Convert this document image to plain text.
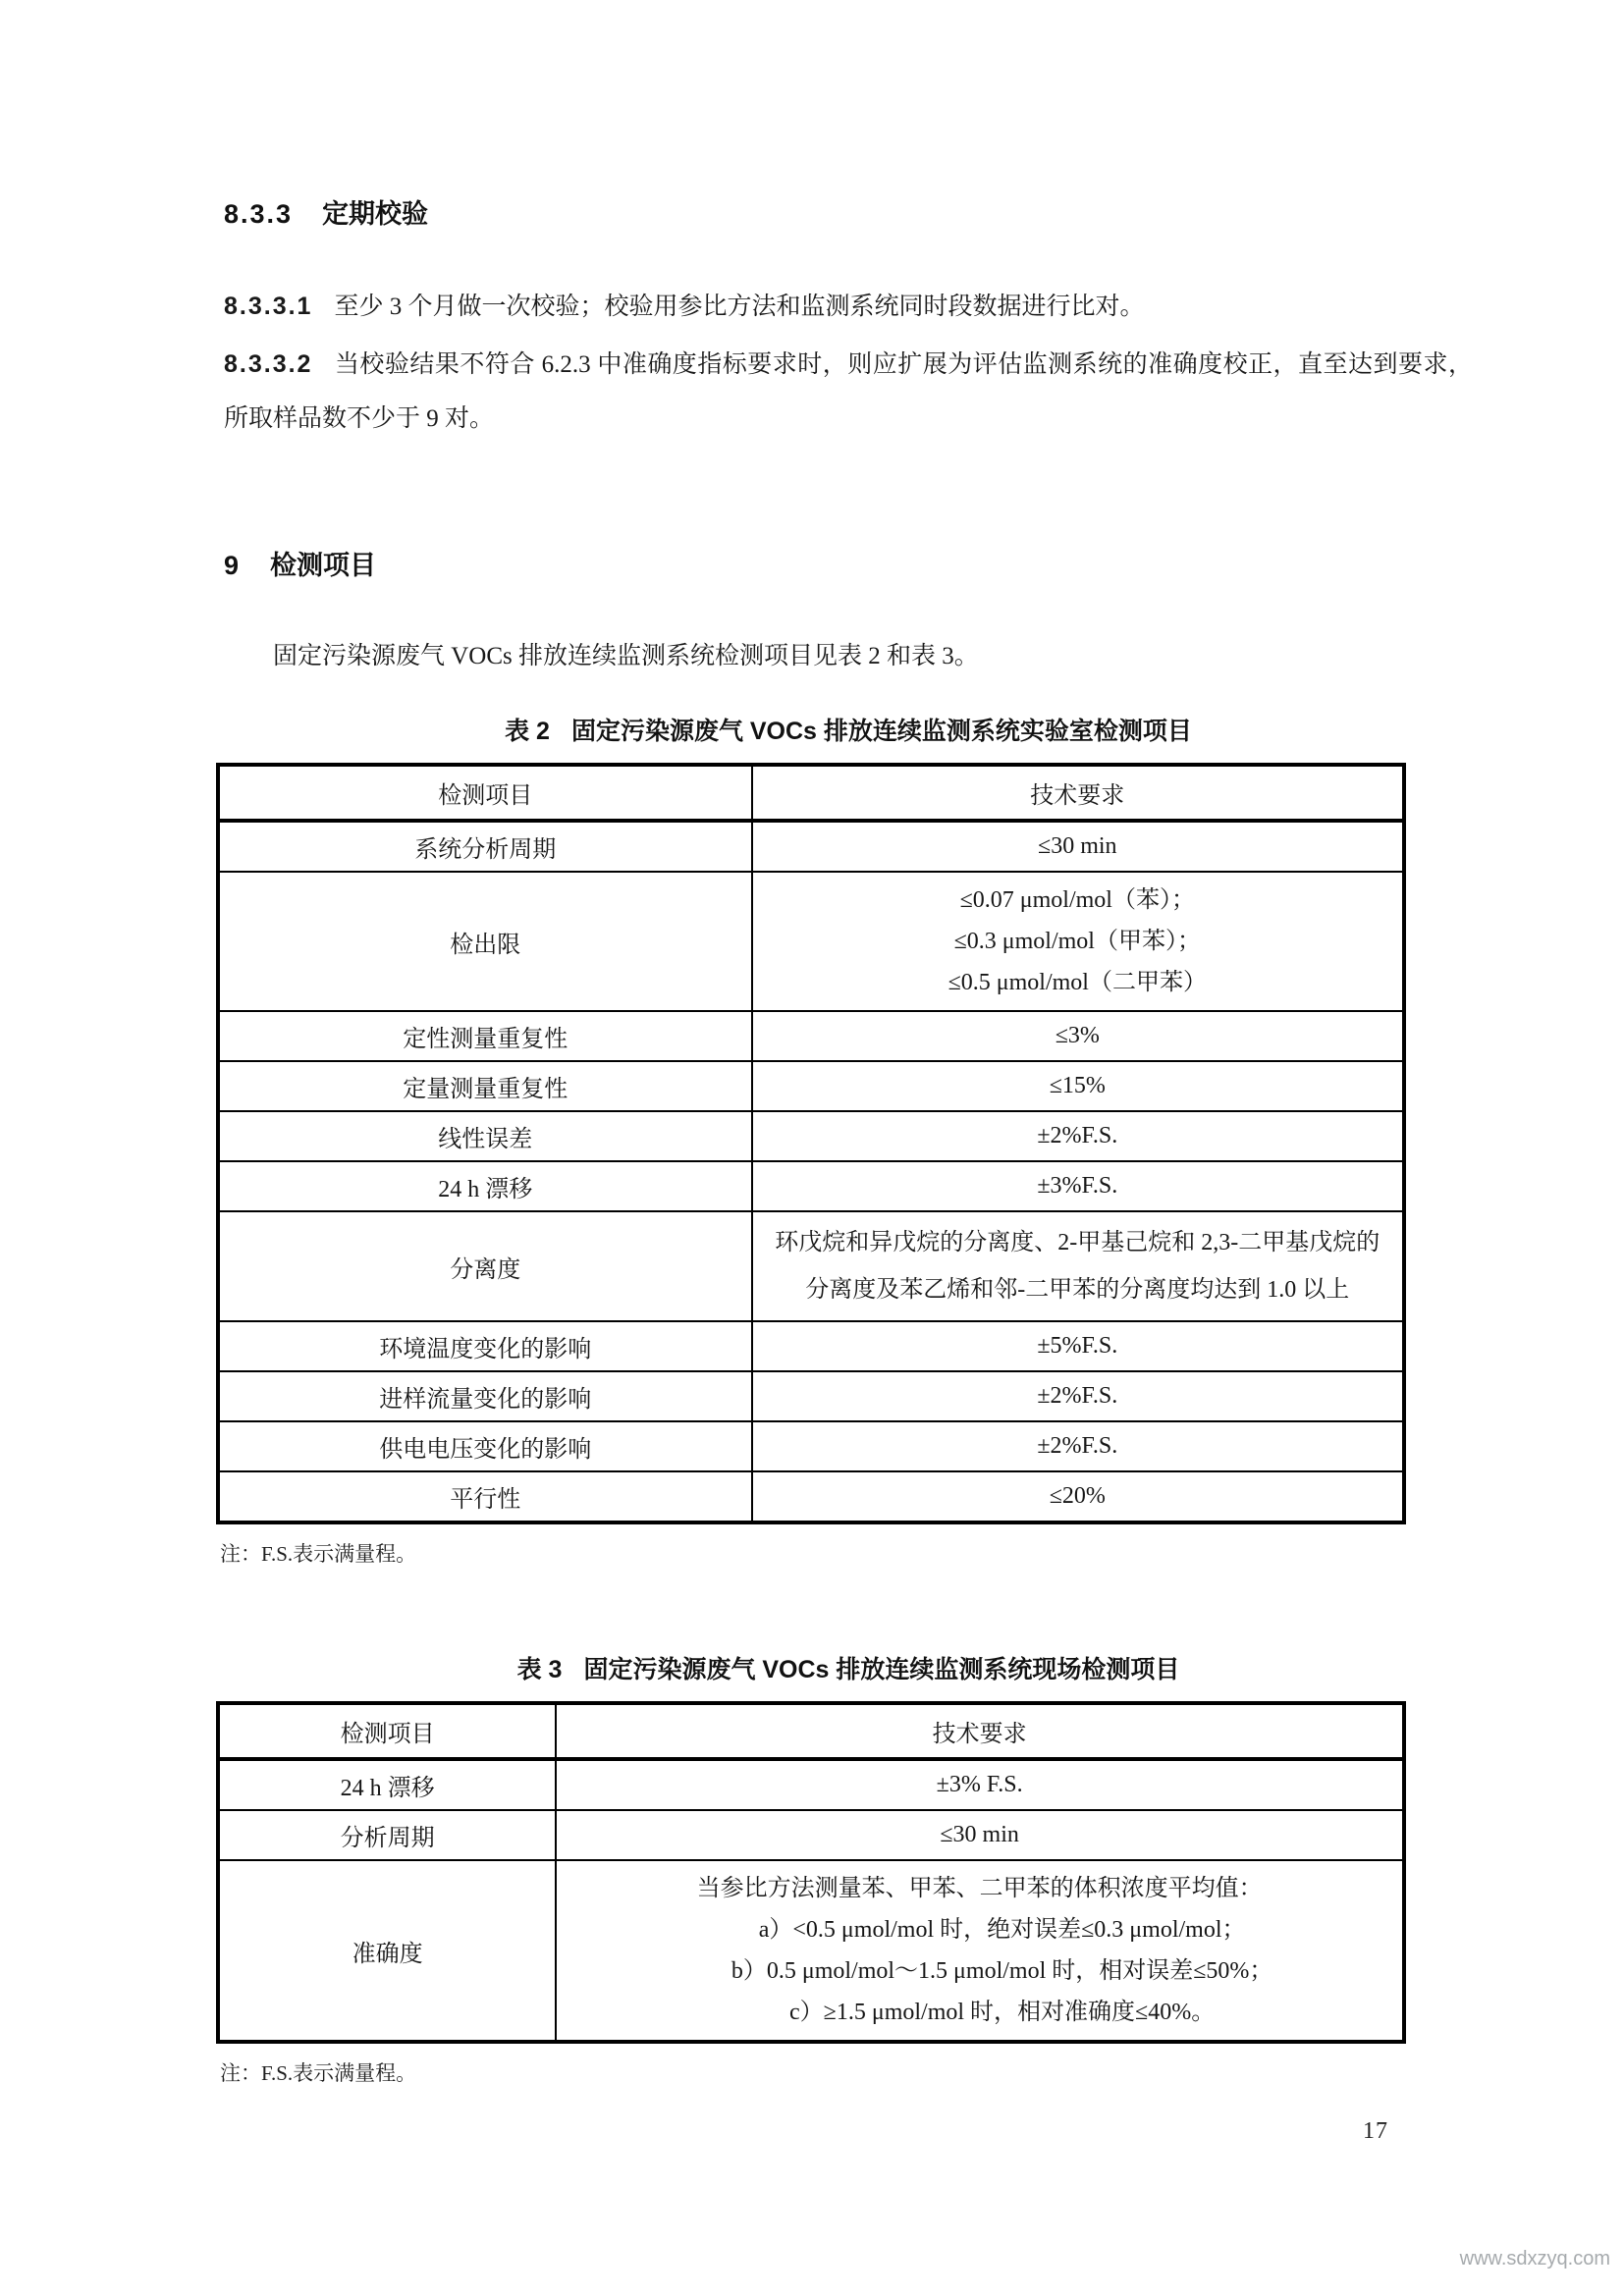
8.3.3 定期校验

8.3.3.1 至少 3 个月做一次校验；校验用参比方法和监测系统同时段数据进行比对。

8.3.3.2 当校验结果不符合 6.2.3 中准确度指标要求时，则应扩展为评估监测系统的准确度校正，直至达到要求，所取样品数不少于 9 对。

9 检测项目

固定污染源废气 VOCs 排放连续监测系统检测项目见表 2 和表 3。

表 2 固定污染源废气 VOCs 排放连续监测系统实验室检测项目
检测项目	技术要求
系统分析周期	≤30 min
检出限	≤0.07 μmol/mol（苯）；
≤0.3 μmol/mol（甲苯）；
≤0.5 μmol/mol（二甲苯）

定性测量重复性	≤3%
定量测量重复性	≤15%
线性误差	±2%F.S.
24 h 漂移	±3%F.S.
分离度	环戊烷和异戊烷的分离度、2-甲基己烷和 2,3-二甲基戊烷的
分离度及苯乙烯和邻-二甲苯的分离度均达到 1.0 以上

环境温度变化的影响	±5%F.S.
进样流量变化的影响	±2%F.S.
供电电压变化的影响	±2%F.S.
平行性	≤20%
注：F.S.表示满量程。
表 3 固定污染源废气 VOCs 排放连续监测系统现场检测项目
检测项目	技术要求
24 h 漂移	±3% F.S.
分析周期	≤30 min
准确度	当参比方法测量苯、甲苯、二甲苯的体积浓度平均值：
a）<0.5 μmol/mol 时，绝对误差≤0.3 μmol/mol；
b）0.5 μmol/mol～1.5 μmol/mol 时，相对误差≤50%；
c）≥1.5 μmol/mol 时，相对准确度≤40%。
注：F.S.表示满量程。
17
www.sdxzyq.com
